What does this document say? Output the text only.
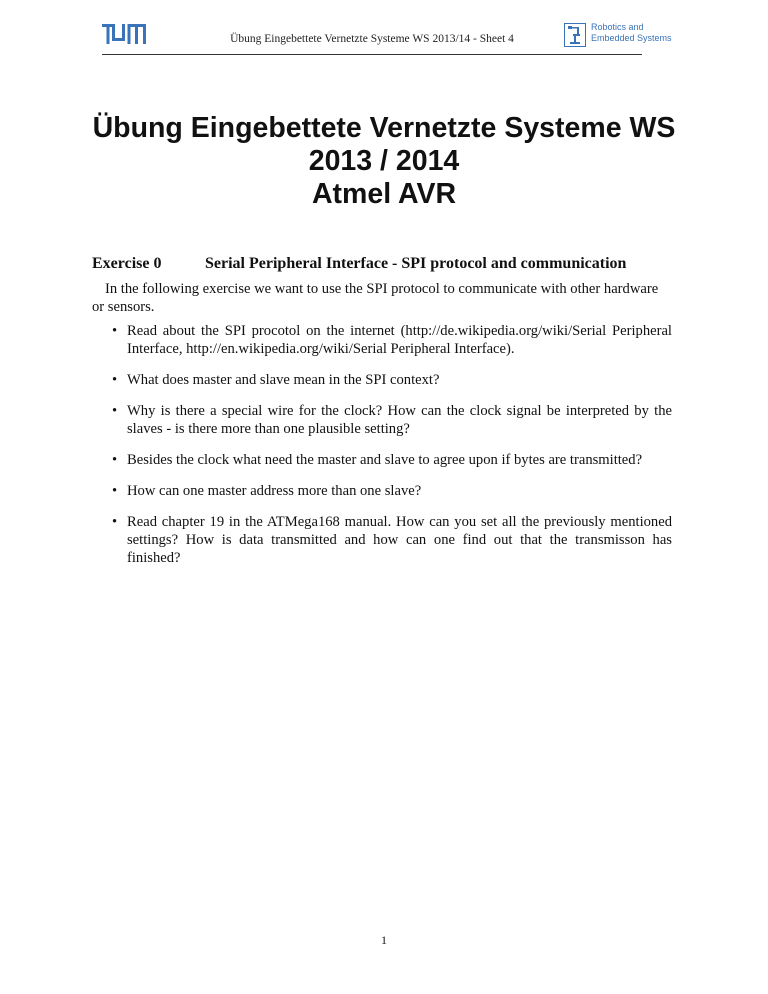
Übung Eingebettete Vernetzte Systeme WS 2013/14 - Sheet 4
Robotics and
Embedded Systems
Übung Eingebettete Vernetzte Systeme WS
2013 / 2014
Atmel AVR
Exercise 0	Serial Peripheral Interface - SPI protocol and communication
In the following exercise we want to use the SPI protocol to communicate with other hardware
or sensors.
• Read about the SPI procotol on the internet (http://de.wikipedia.org/wiki/Serial Peripheral Interface, http://en.wikipedia.org/wiki/Serial Peripheral Interface).
• What does master and slave mean in the SPI context?
• Why is there a special wire for the clock? How can the clock signal be interpreted by the slaves - is there more than one plausible setting?
• Besides the clock what need the master and slave to agree upon if bytes are transmitted?
• How can one master address more than one slave?
• Read chapter 19 in the ATMega168 manual. How can you set all the previously mentioned settings? How is data transmitted and how can one find out that the transmisson has finished?
1
